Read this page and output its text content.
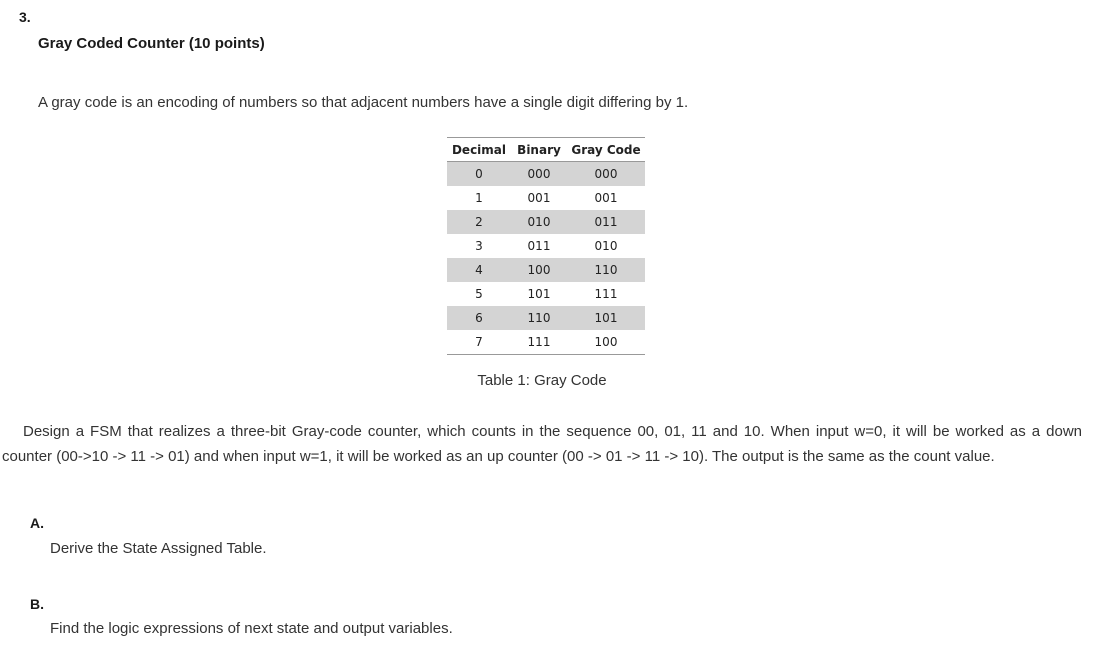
3.
Gray Coded Counter (10 points)
A gray code is an encoding of numbers so that adjacent numbers have a single digit differing by 1.
Decimal	Binary	Gray Code
0	000	000
1	001	001
2	010	011
3	011	010
4	100	110
5	101	111
6	110	101
7	111	100
Table 1: Gray Code
Design a FSM that realizes a three-bit Gray-code counter, which counts in the sequence 00, 01, 11 and 10. When input w=0, it will be worked as a down counter (00->10 -> 11 -> 01) and when input w=1, it will be worked as an up counter (00 -> 01 -> 11 -> 10). The output is the same as the count value.
A.
Derive the State Assigned Table.
B.
Find the logic expressions of next state and output variables.
